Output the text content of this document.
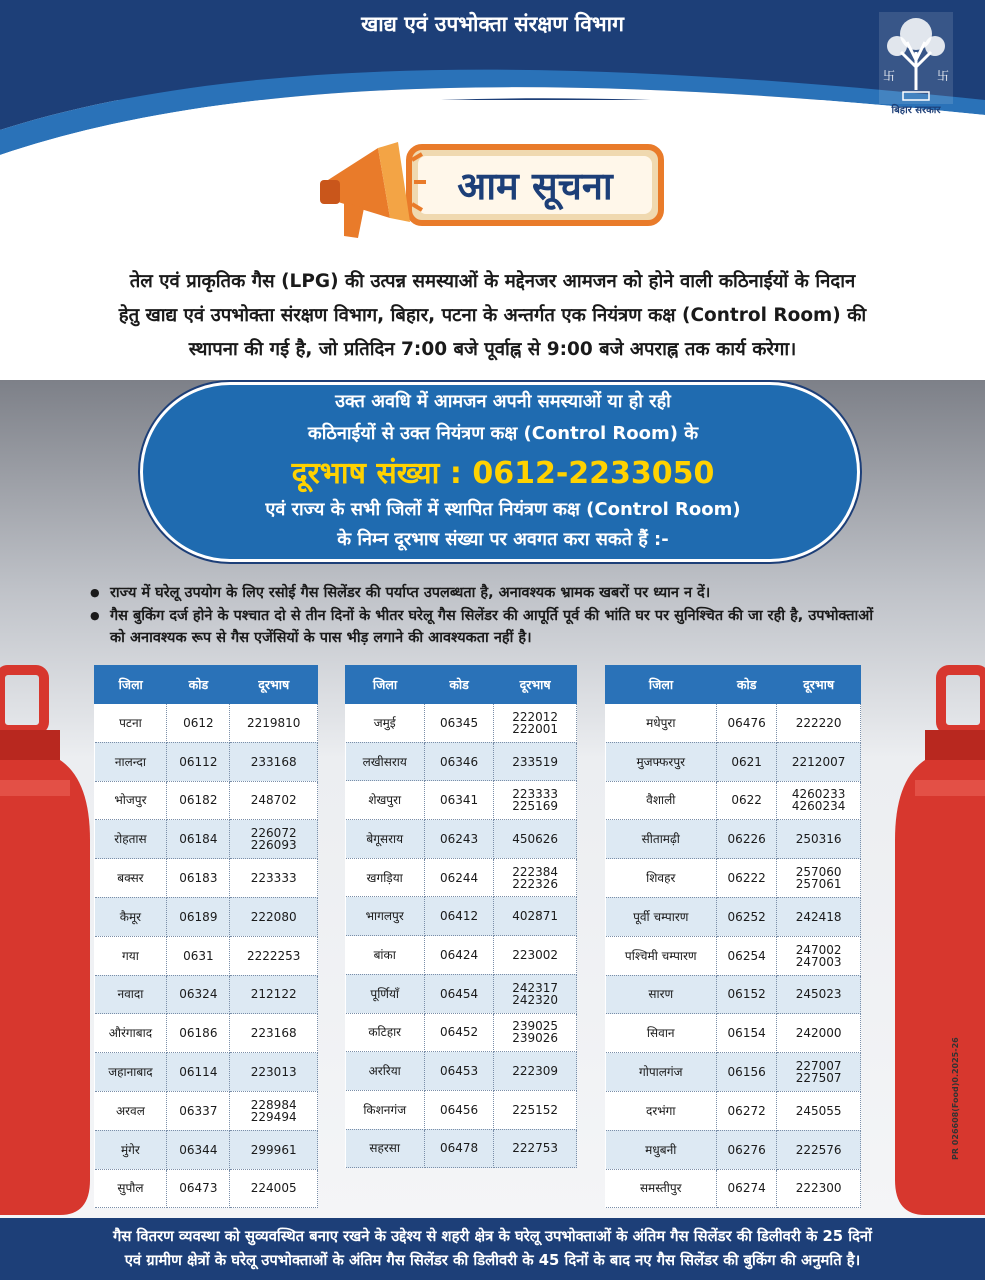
खाद्य एवं उपभोक्ता संरक्षण विभाग
卐	卐
बिहार सरकार
आम सूचना
तेल एवं प्राकृतिक गैस (LPG) की उत्पन्न समस्याओं के मद्देनजर आमजन को होने वाली कठिनाईयों के निदान
हेतु खाद्य एवं उपभोक्ता संरक्षण विभाग, बिहार, पटना के अन्तर्गत एक नियंत्रण कक्ष (Control Room) की
स्थापना की गई है, जो प्रतिदिन 7:00 बजे पूर्वाह्न से 9:00 बजे अपराह्न तक कार्य करेगा।
उक्त अवधि में आमजन अपनी समस्याओं या हो रही
कठिनाईयों से उक्त नियंत्रण कक्ष (Control Room) के
दूरभाष संख्या : 0612-2233050
एवं राज्य के सभी जिलों में स्थापित नियंत्रण कक्ष (Control Room)
के निम्न दूरभाष संख्या पर अवगत करा सकते हैं :-
● राज्य में घरेलू उपयोग के लिए रसोई गैस सिलेंडर की पर्याप्त उपलब्धता है, अनावश्यक भ्रामक खबरों पर ध्यान न दें।
● गैस बुकिंग दर्ज होने के पश्चात दो से तीन दिनों के भीतर घरेलू गैस सिलेंडर की आपूर्ति पूर्व की भांति घर पर सुनिश्चित की जा रही है, उपभोक्ताओं को अनावश्यक रूप से गैस एजेंसियों के पास भीड़ लगाने की आवश्यकता नहीं है।
जिला	कोड	दूरभाष
पटना	0612	2219810
नालन्दा	06112	233168
भोजपुर	06182	248702
रोहतास	06184	226072
226093
बक्सर	06183	223333
कैमूर	06189	222080
गया	0631	2222253
नवादा	06324	212122
औरंगाबाद	06186	223168
जहानाबाद	06114	223013
अरवल	06337	228984
229494
मुंगेर	06344	299961
सुपौल	06473	224005
जिला	कोड	दूरभाष
जमुई	06345	222012
222001
लखीसराय	06346	233519
शेखपुरा	06341	223333
225169
बेगूसराय	06243	450626
खगड़िया	06244	222384
222326
भागलपुर	06412	402871
बांका	06424	223002
पूर्णियाँ	06454	242317
242320
कटिहार	06452	239025
239026
अररिया	06453	222309
किशनगंज	06456	225152
सहरसा	06478	222753
जिला	कोड	दूरभाष
मधेपुरा	06476	222220
मुजफ्फरपुर	0621	2212007
वैशाली	0622	4260233
4260234
सीतामढ़ी	06226	250316
शिवहर	06222	257060
257061
पूर्वी चम्पारण	06252	242418
पश्चिमी चम्पारण	06254	247002
247003
सारण	06152	245023
सिवान	06154	242000
गोपालगंज	06156	227007
227507
दरभंगा	06272	245055
मधुबनी	06276	222576
समस्तीपुर	06274	222300
PR 026608(Food)0.2025-26
गैस वितरण व्यवस्था को सुव्यवस्थित बनाए रखने के उद्देश्य से शहरी क्षेत्र के घरेलू उपभोक्ताओं के अंतिम गैस सिलेंडर की डिलीवरी के 25 दिनों
एवं ग्रामीण क्षेत्रों के घरेलू उपभोक्ताओं के अंतिम गैस सिलेंडर की डिलीवरी के 45 दिनों के बाद नए गैस सिलेंडर की बुकिंग की अनुमति है।
